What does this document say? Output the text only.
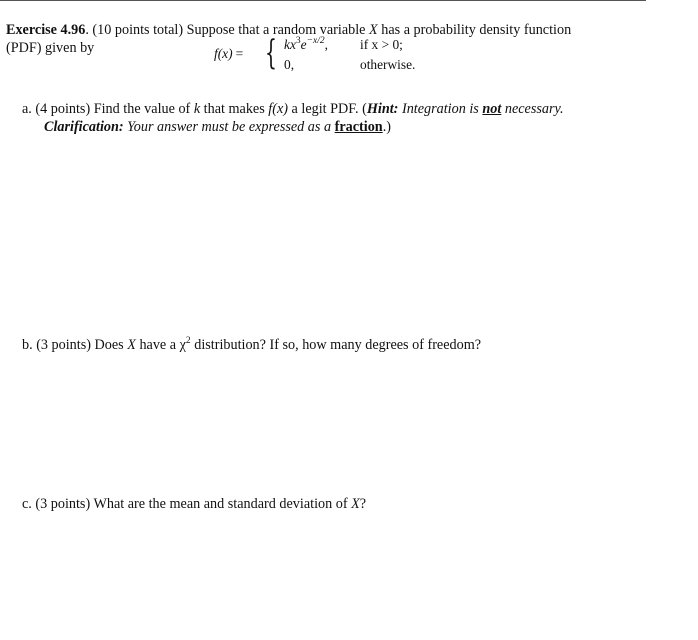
Exercise 4.96. (10 points total) Suppose that a random variable X has a probability density function
(PDF) given by	f(x) = { $kx^3e^{-x/2}$, if x > 0;
0,	otherwise.
a. (4 points) Find the value of k that makes f(x) a legit PDF. (Hint: Integration is not necessary.
Clarification: Your answer must be expressed as a fraction.)
b. (3 points) Does X have a $\chi^2$ distribution? If so, how many degrees of freedom?
c. (3 points) What are the mean and standard deviation of X?
